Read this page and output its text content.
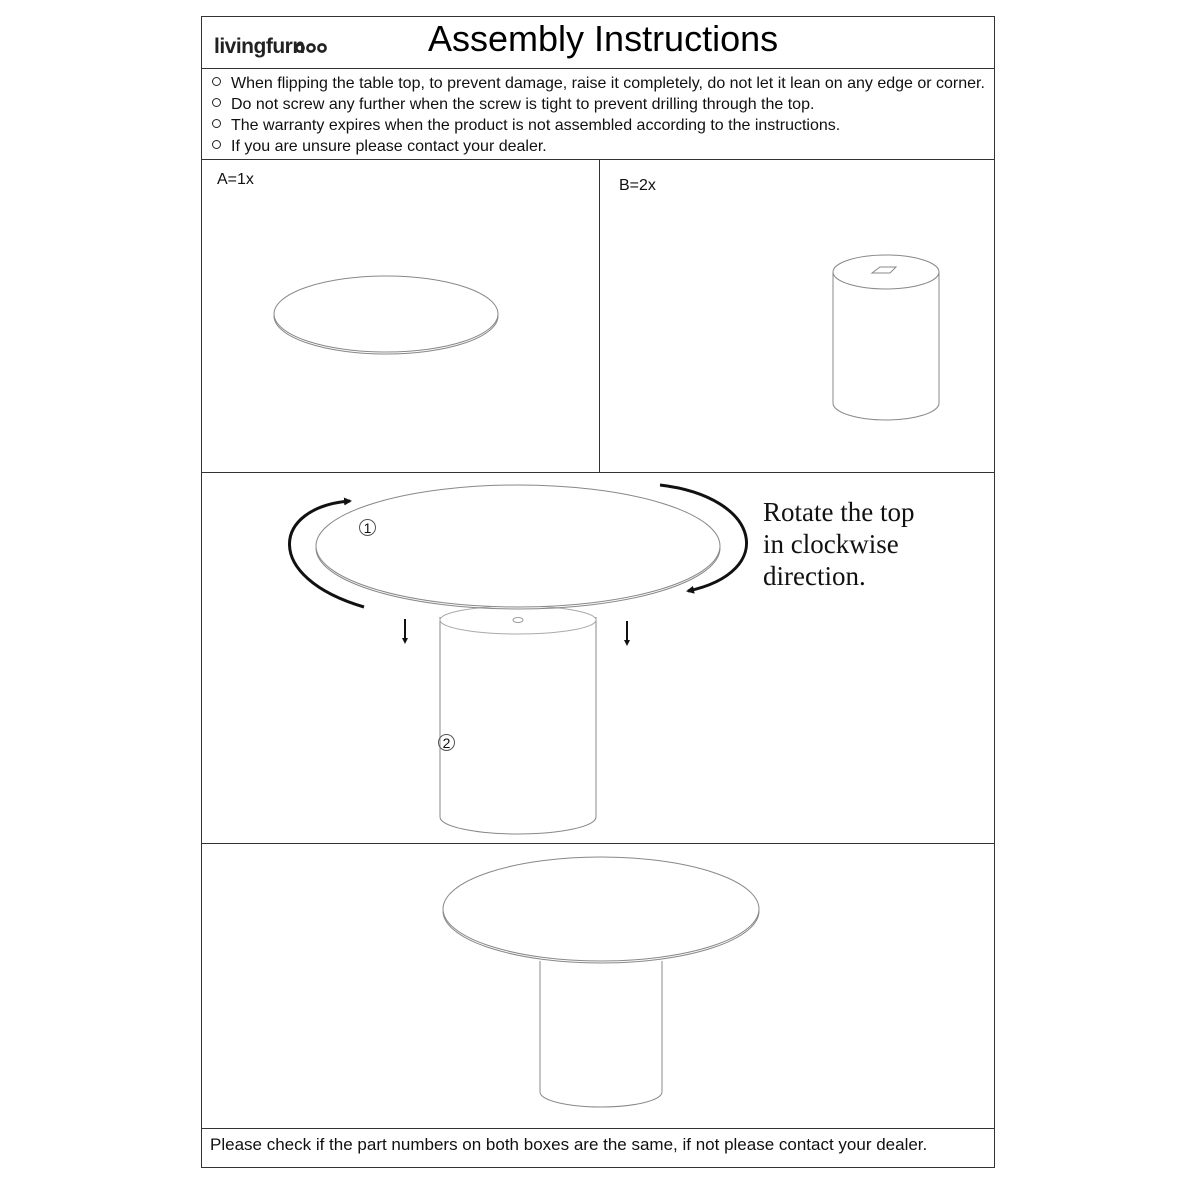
livingfurn	Assembly Instructions
When flipping the table top, to prevent damage, raise it completely, do not let it lean on any edge or corner.
Do not screw any further when the screw is tight to prevent drilling through the top.
The warranty expires when the product is not assembled according to the instructions.
If you are unsure please contact your dealer.
A=1x	B=2x
1
2
Rotate the top
in clockwise
direction.
Please check if the part numbers on both boxes are the same, if not please contact your dealer.
